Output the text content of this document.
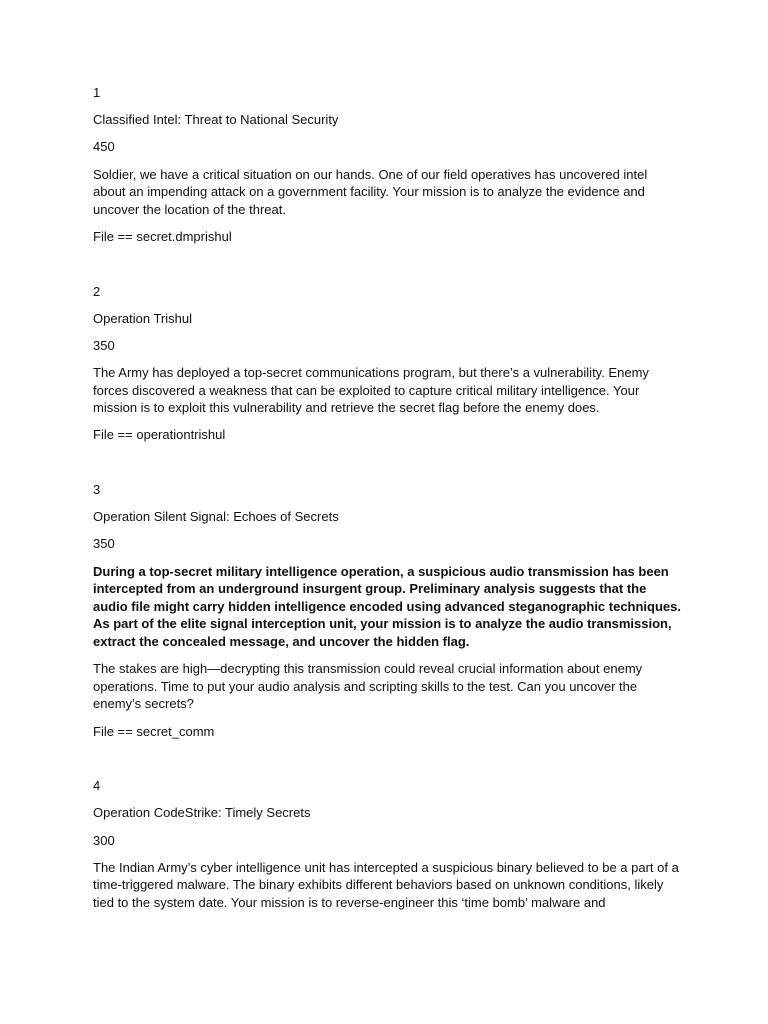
1

Classified Intel: Threat to National Security

450

Soldier, we have a critical situation on our hands. One of our field operatives has uncovered intel about an impending attack on a government facility. Your mission is to analyze the evidence and uncover the location of the threat.

File == secret.dmprishul

2

Operation Trishul

350

The Army has deployed a top-secret communications program, but there’s a vulnerability. Enemy forces discovered a weakness that can be exploited to capture critical military intelligence. Your mission is to exploit this vulnerability and retrieve the secret flag before the enemy does.

File == operationtrishul

3

Operation Silent Signal: Echoes of Secrets

350

During a top-secret military intelligence operation, a suspicious audio transmission has been intercepted from an underground insurgent group. Preliminary analysis suggests that the audio file might carry hidden intelligence encoded using advanced steganographic techniques. As part of the elite signal interception unit, your mission is to analyze the audio transmission, extract the concealed message, and uncover the hidden flag.

The stakes are high—decrypting this transmission could reveal crucial information about enemy operations. Time to put your audio analysis and scripting skills to the test. Can you uncover the enemy’s secrets?

File == secret_comm

4

Operation CodeStrike: Timely Secrets

300

The Indian Army’s cyber intelligence unit has intercepted a suspicious binary believed to be a part of a time-triggered malware. The binary exhibits different behaviors based on unknown conditions, likely tied to the system date. Your mission is to reverse-engineer this ‘time bomb’ malware and
